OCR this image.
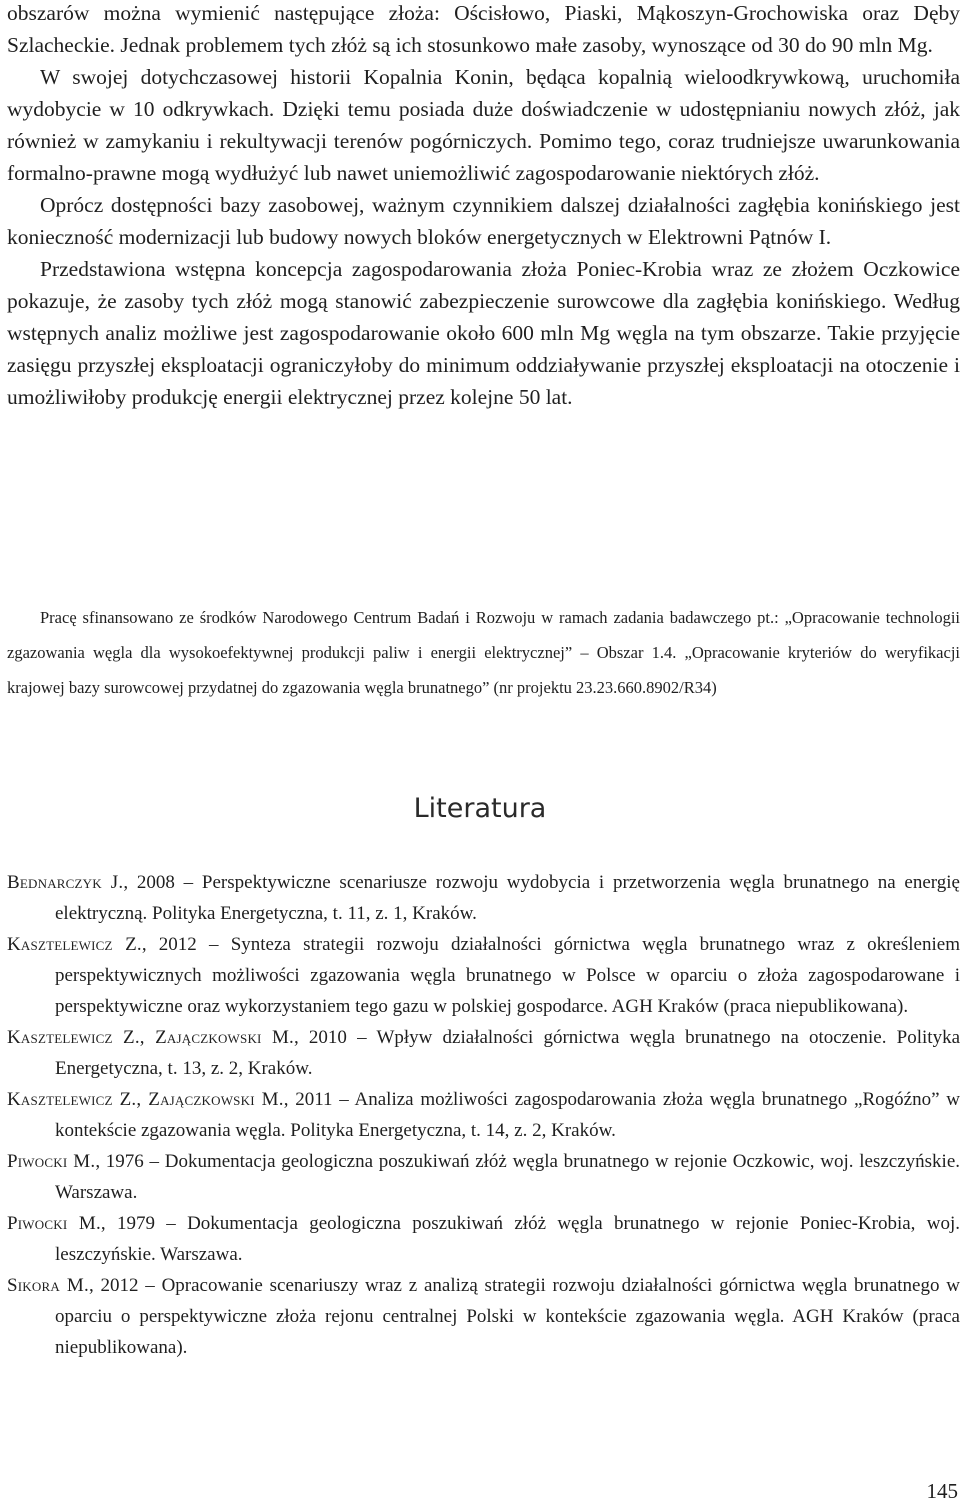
obszarów można wymienić następujące złoża: Ościsłowo, Piaski, Mąkoszyn-Grochowiska oraz Dęby Szlacheckie. Jednak problemem tych złóż są ich stosunkowo małe zasoby, wynoszące od 30 do 90 mln Mg.

W swojej dotychczasowej historii Kopalnia Konin, będąca kopalnią wieloodkrywkową, uruchomiła wydobycie w 10 odkrywkach. Dzięki temu posiada duże doświadczenie w udostępnianiu nowych złóż, jak również w zamykaniu i rekultywacji terenów pogórniczych. Pomimo tego, coraz trudniejsze uwarunkowania formalno-prawne mogą wydłużyć lub nawet uniemożliwić zagospodarowanie niektórych złóż.

Oprócz dostępności bazy zasobowej, ważnym czynnikiem dalszej działalności zagłębia konińskiego jest konieczność modernizacji lub budowy nowych bloków energetycznych w Elektrowni Pątnów I.

Przedstawiona wstępna koncepcja zagospodarowania złoża Poniec-Krobia wraz ze złożem Oczkowice pokazuje, że zasoby tych złóż mogą stanowić zabezpieczenie surowcowe dla zagłębia konińskiego. Według wstępnych analiz możliwe jest zagospodarowanie około 600 mln Mg węgla na tym obszarze. Takie przyjęcie zasięgu przyszłej eksploatacji ograniczyłoby do minimum oddziaływanie przyszłej eksploatacji na otoczenie i umożliwiłoby produkcję energii elektrycznej przez kolejne 50 lat.

Pracę sfinansowano ze środków Narodowego Centrum Badań i Rozwoju w ramach zadania badawczego pt.: „Opracowanie technologii zgazowania węgla dla wysokoefektywnej produkcji paliw i energii elektrycznej” – Obszar 1.4. „Opracowanie kryteriów do weryfikacji krajowej bazy surowcowej przydatnej do zgazowania węgla brunatnego” (nr projektu 23.23.660.8902/R34)

Literatura

Bednarczyk J., 2008 – Perspektywiczne scenariusze rozwoju wydobycia i przetworzenia węgla brunatnego na energię elektryczną. Polityka Energetyczna, t. 11, z. 1, Kraków.

Kasztelewicz Z., 2012 – Synteza strategii rozwoju działalności górnictwa węgla brunatnego wraz z określeniem perspektywicznych możliwości zgazowania węgla brunatnego w Polsce w oparciu o złoża zagospodarowane i perspektywiczne oraz wykorzystaniem tego gazu w polskiej gospodarce. AGH Kraków (praca niepublikowana).

Kasztelewicz Z., Zajączkowski M., 2010 – Wpływ działalności górnictwa węgla brunatnego na otoczenie. Polityka Energetyczna, t. 13, z. 2, Kraków.

Kasztelewicz Z., Zajączkowski M., 2011 – Analiza możliwości zagospodarowania złoża węgla brunatnego „Rogóźno” w kontekście zgazowania węgla. Polityka Energetyczna, t. 14, z. 2, Kraków.

Piwocki M., 1976 – Dokumentacja geologiczna poszukiwań złóż węgla brunatnego w rejonie Oczkowic, woj. leszczyńskie. Warszawa.

Piwocki M., 1979 – Dokumentacja geologiczna poszukiwań złóż węgla brunatnego w rejonie Poniec-Krobia, woj. leszczyńskie. Warszawa.

Sikora M., 2012 – Opracowanie scenariuszy wraz z analizą strategii rozwoju działalności górnictwa węgla brunatnego w oparciu o perspektywiczne złoża rejonu centralnej Polski w kontekście zgazowania węgla. AGH Kraków (praca niepublikowana).

145
